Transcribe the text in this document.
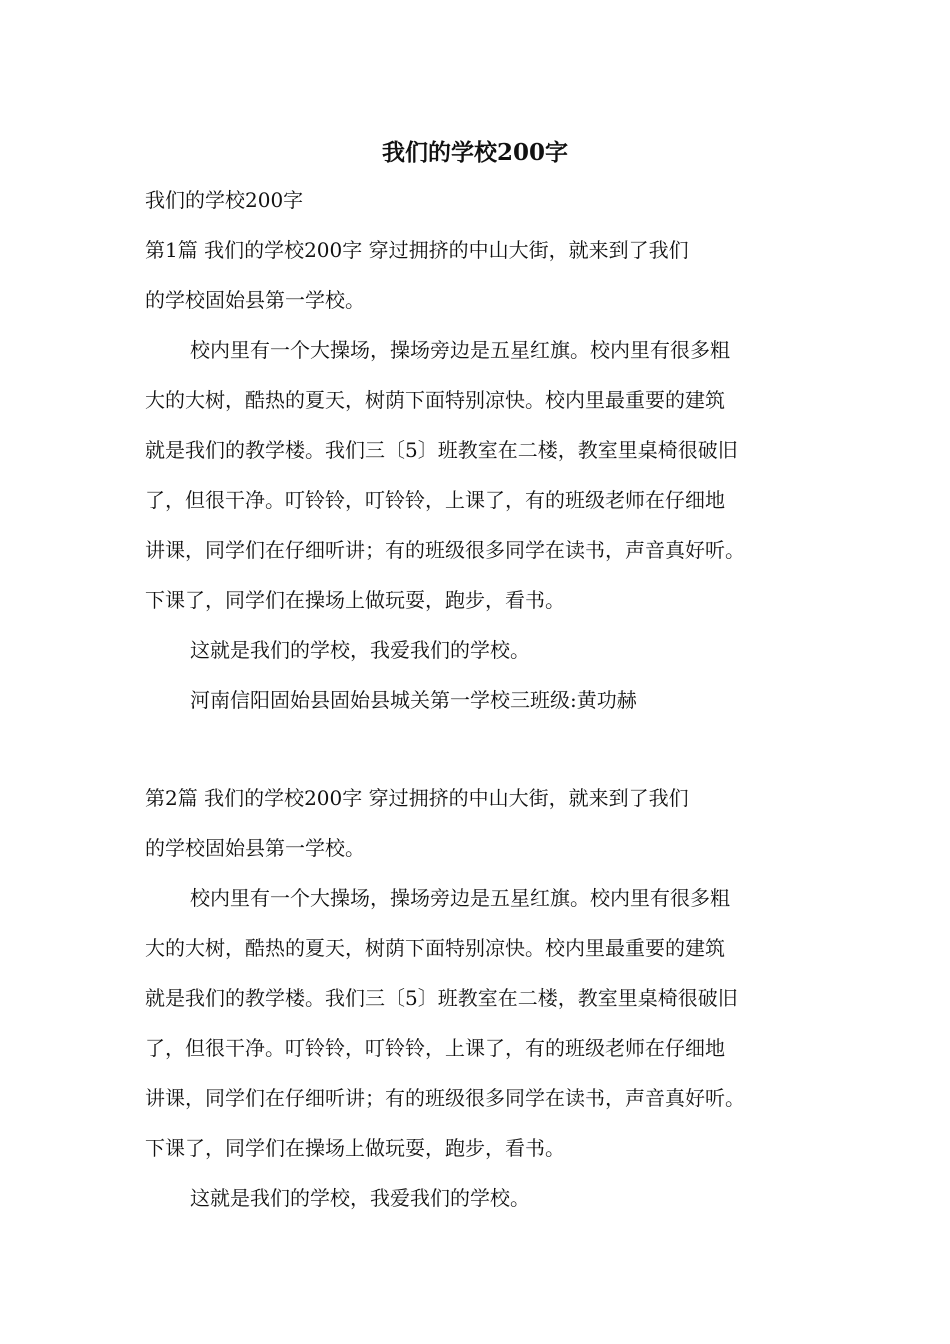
我们的学校200字
我们的学校200字
第1篇 我们的学校200字 穿过拥挤的中山大街，就来到了我们
的学校固始县第一学校。
校内里有一个大操场，操场旁边是五星红旗。校内里有很多粗
大的大树，酷热的夏天，树荫下面特别凉快。校内里最重要的建筑
就是我们的教学楼。我们三〔5〕班教室在二楼，教室里桌椅很破旧
了，但很干净。叮铃铃，叮铃铃，上课了，有的班级老师在仔细地
讲课，同学们在仔细听讲；有的班级很多同学在读书，声音真好听。
下课了，同学们在操场上做玩耍，跑步，看书。
这就是我们的学校，我爱我们的学校。
河南信阳固始县固始县城关第一学校三班级:黄功赫
第2篇 我们的学校200字 穿过拥挤的中山大街，就来到了我们
的学校固始县第一学校。
校内里有一个大操场，操场旁边是五星红旗。校内里有很多粗
大的大树，酷热的夏天，树荫下面特别凉快。校内里最重要的建筑
就是我们的教学楼。我们三〔5〕班教室在二楼，教室里桌椅很破旧
了，但很干净。叮铃铃，叮铃铃，上课了，有的班级老师在仔细地
讲课，同学们在仔细听讲；有的班级很多同学在读书，声音真好听。
下课了，同学们在操场上做玩耍，跑步，看书。
这就是我们的学校，我爱我们的学校。
